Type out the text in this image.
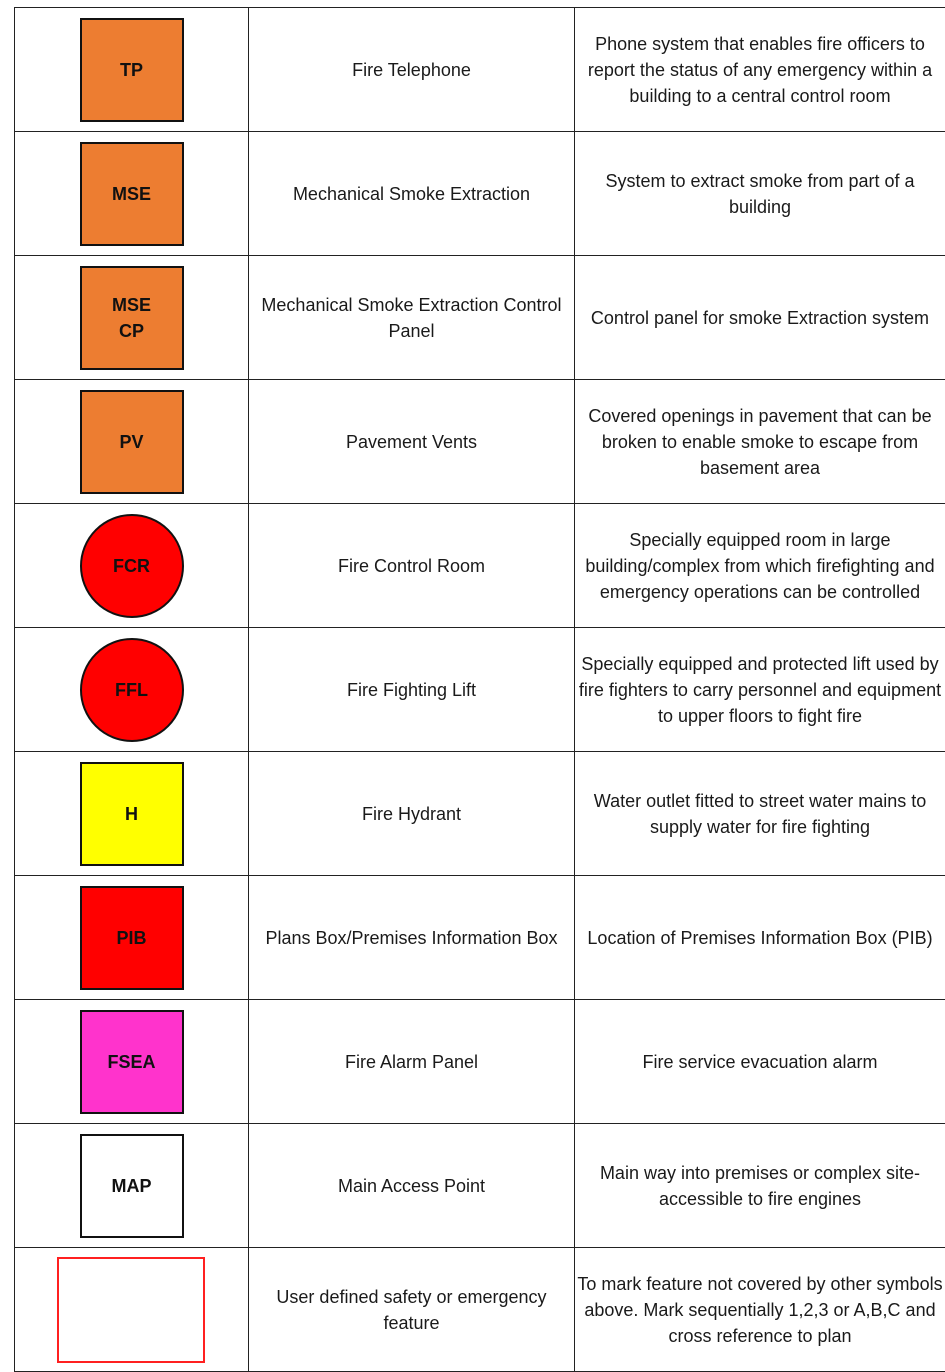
TP	Fire Telephone	Phone system that enables fire officers to report the status of any emergency within a building to a central control room

MSE	Mechanical Smoke Extraction	System to extract smoke from part of a building

MSE
CP	Mechanical Smoke Extraction Control Panel	Control panel for smoke Extraction system

PV	Pavement Vents	Covered openings in pavement that can be broken to enable smoke to escape from basement area

FCR	Fire Control Room	Specially equipped room in large building/complex from which firefighting and emergency operations can be controlled

FFL	Fire Fighting Lift	Specially equipped and protected lift used by fire fighters to carry personnel and equipment to upper floors to fight fire

H	Fire Hydrant	Water outlet fitted to street water mains to supply water for fire fighting

PIB	Plans Box/Premises Information Box	Location of Premises Information Box (PIB)

FSEA	Fire Alarm Panel	Fire service evacuation alarm

MAP	Main Access Point	Main way into premises or complex site-accessible to fire engines

	User defined safety or emergency feature	To mark feature not covered by other symbols above. Mark sequentially 1,2,3 or A,B,C and cross reference to plan
